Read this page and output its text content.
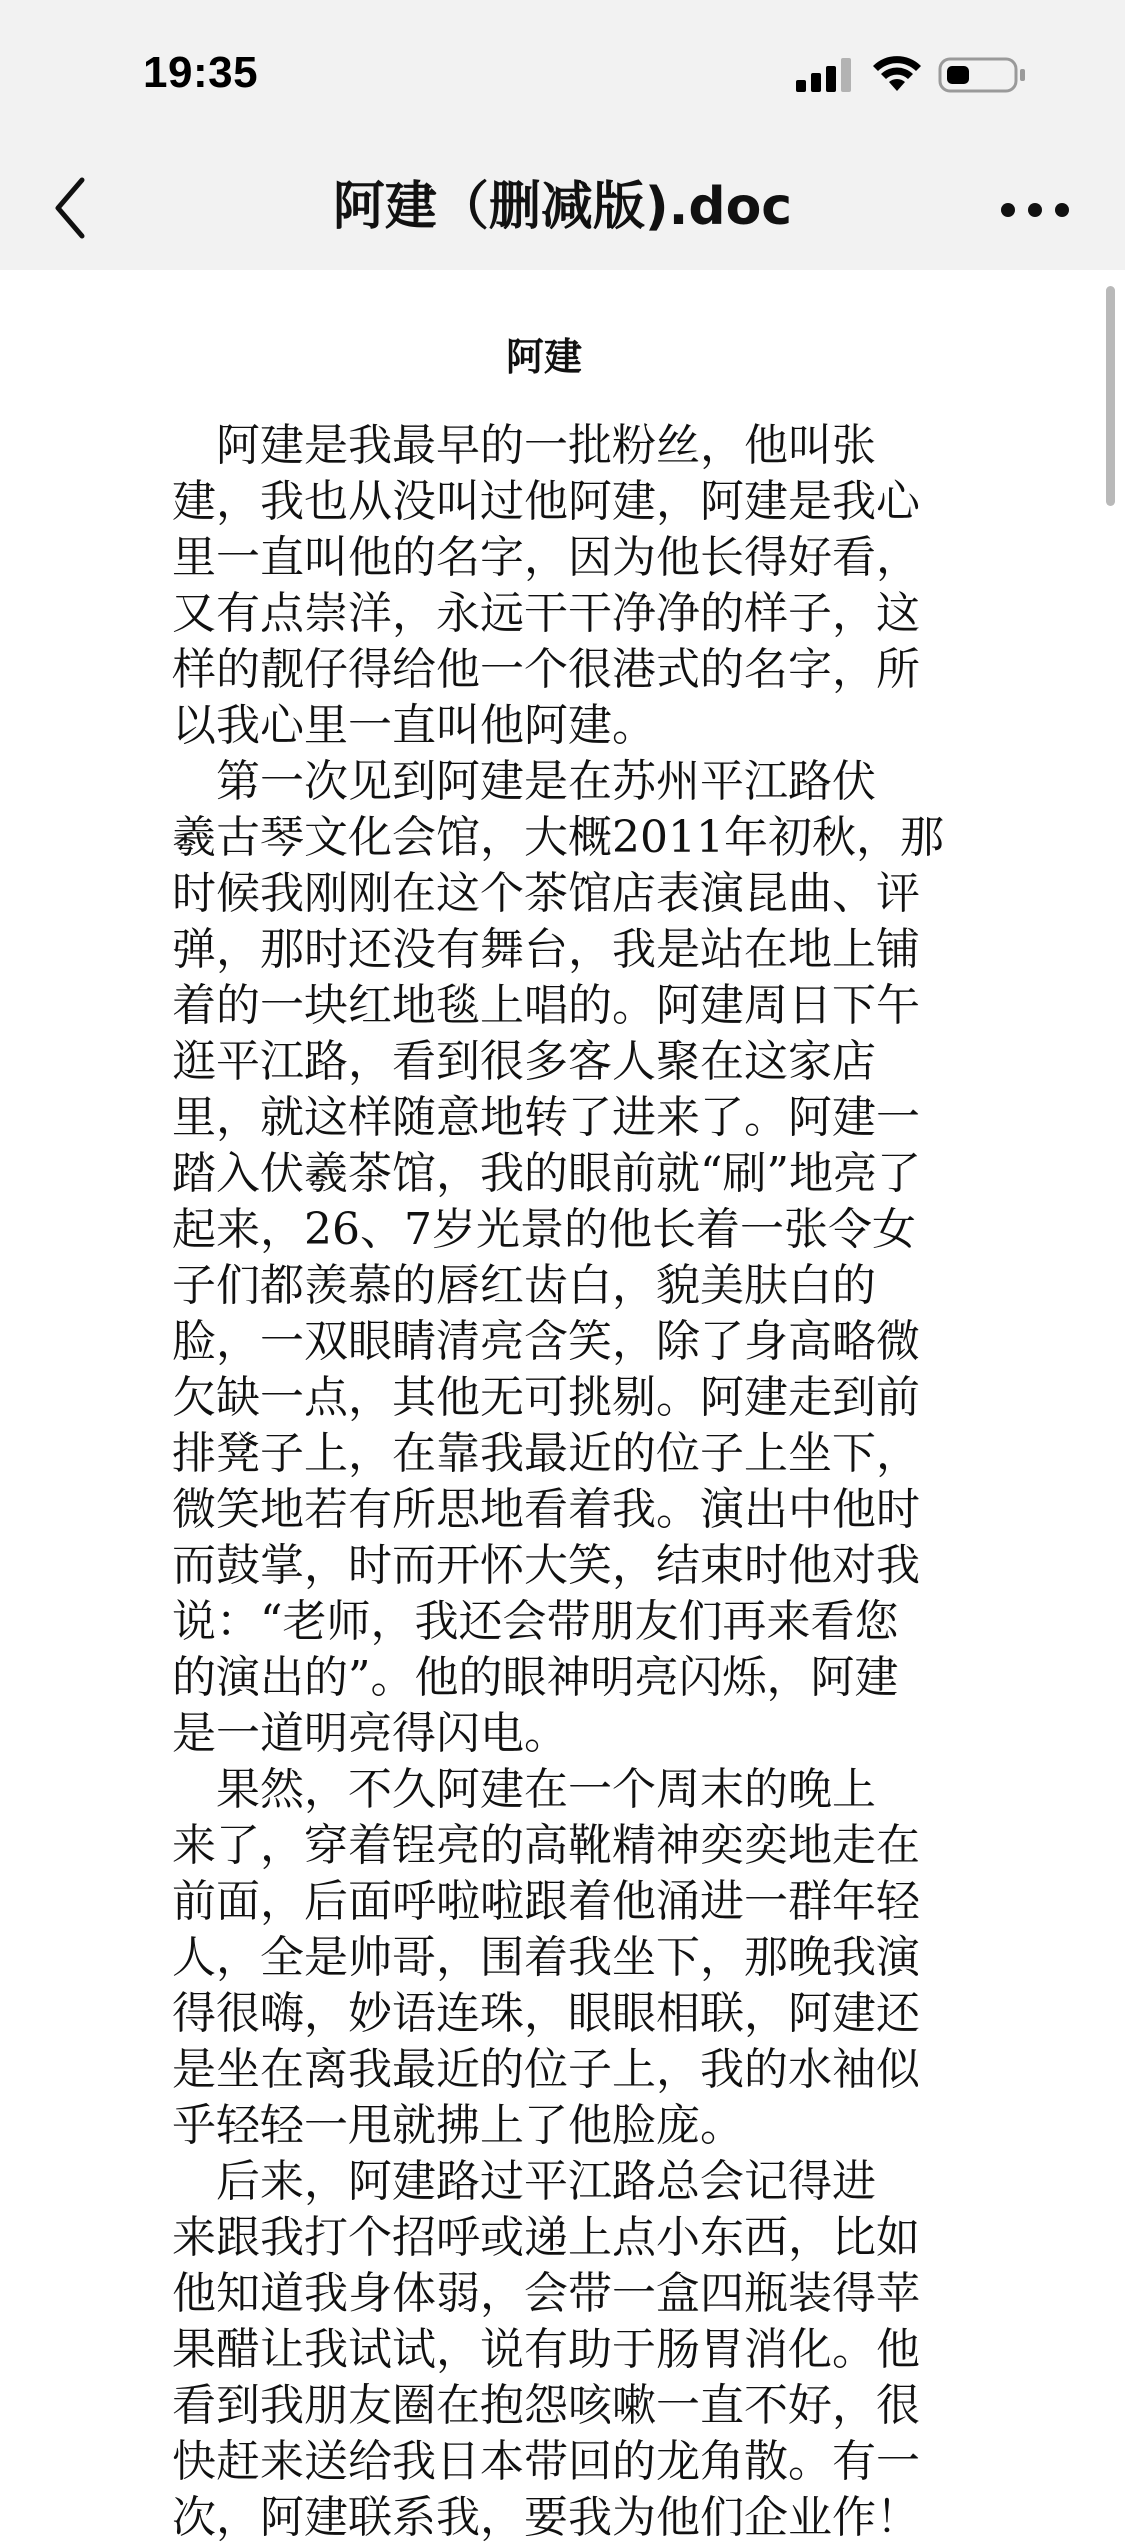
19:35
阿建（删减版).doc
阿建
　阿建是我最早的一批粉丝，他叫张
建，我也从没叫过他阿建，阿建是我心
里一直叫他的名字，因为他长得好看，
又有点崇洋，永远干干净净的样子，这
样的靓仔得给他一个很港式的名字，所
以我心里一直叫他阿建。
　第一次见到阿建是在苏州平江路伏
羲古琴文化会馆，大概2011年初秋，那
时候我刚刚在这个茶馆店表演昆曲、评
弹，那时还没有舞台，我是站在地上铺
着的一块红地毯上唱的。阿建周日下午
逛平江路，看到很多客人聚在这家店
里，就这样随意地转了进来了。阿建一
踏入伏羲茶馆，我的眼前就“刷”地亮了
起来，26、7岁光景的他长着一张令女
子们都羡慕的唇红齿白，貌美肤白的
脸，一双眼睛清亮含笑，除了身高略微
欠缺一点，其他无可挑剔。阿建走到前
排凳子上，在靠我最近的位子上坐下，
微笑地若有所思地看着我。演出中他时
而鼓掌，时而开怀大笑，结束时他对我
说：“老师，我还会带朋友们再来看您
的演出的”。他的眼神明亮闪烁，阿建
是一道明亮得闪电。
　果然，不久阿建在一个周末的晚上
来了，穿着锃亮的高靴精神奕奕地走在
前面，后面呼啦啦跟着他涌进一群年轻
人，全是帅哥，围着我坐下，那晚我演
得很嗨，妙语连珠，眼眼相联，阿建还
是坐在离我最近的位子上，我的水袖似
乎轻轻一甩就拂上了他脸庞。
　后来，阿建路过平江路总会记得进
来跟我打个招呼或递上点小东西，比如
他知道我身体弱，会带一盒四瓶装得苹
果醋让我试试，说有助于肠胃消化。他
看到我朋友圈在抱怨咳嗽一直不好，很
快赶来送给我日本带回的龙角散。有一
次，阿建联系我，要我为他们企业作！
